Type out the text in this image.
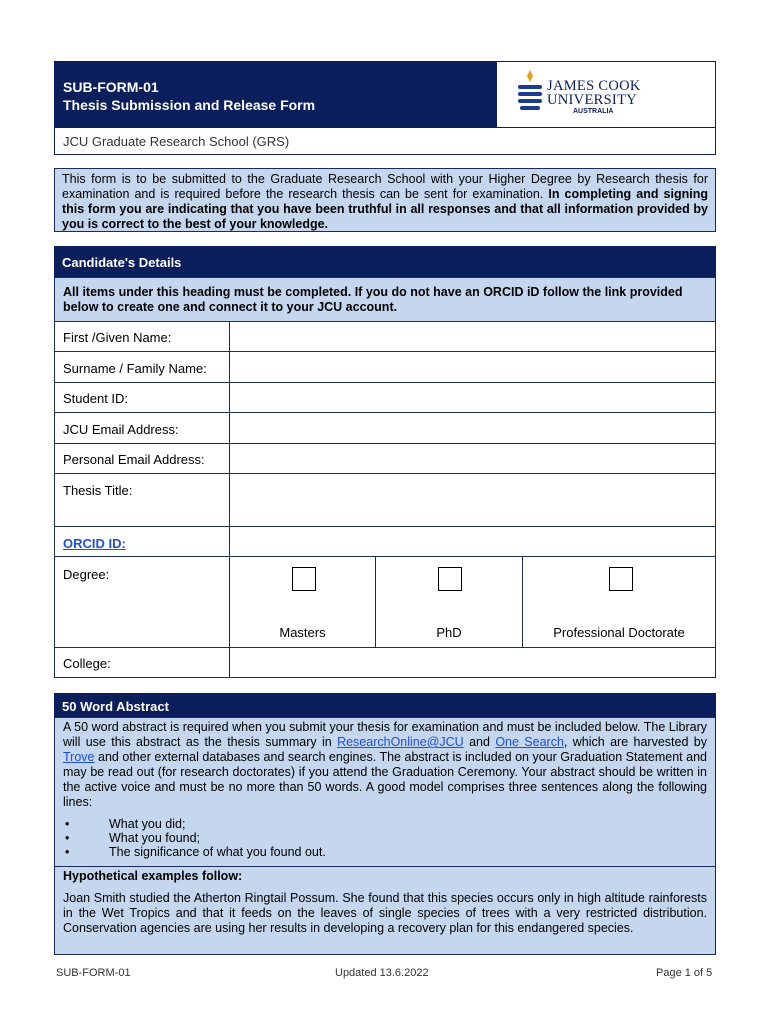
SUB-FORM-01
Thesis Submission and Release Form
JAMES COOK
UNIVERSITY
AUSTRALIA
JCU Graduate Research School (GRS)
This form is to be submitted to the Graduate Research School with your Higher Degree by Research thesis for examination and is required before the research thesis can be sent for examination. In completing and signing this form you are indicating that you have been truthful in all responses and that all information provided by you is correct to the best of your knowledge.
Candidate's Details
All items under this heading must be completed. If you do not have an ORCID iD follow the link provided below to create one and connect it to your JCU account.
First /Given Name:
Surname / Family Name:
Student ID:
JCU Email Address:
Personal Email Address:
Thesis Title:
ORCID ID:
Degree:
Masters	PhD	Professional Doctorate
College:
50 Word Abstract
A 50 word abstract is required when you submit your thesis for examination and must be included below. The Library will use this abstract as the thesis summary in ResearchOnline@JCU and One Search, which are harvested by Trove and other external databases and search engines. The abstract is included on your Graduation Statement and may be read out (for research doctorates) if you attend the Graduation Ceremony. Your abstract should be written in the active voice and must be no more than 50 words. A good model comprises three sentences along the following lines:
•	What you did;
•	What you found;
•	The significance of what you found out.
Hypothetical examples follow:
Joan Smith studied the Atherton Ringtail Possum. She found that this species occurs only in high altitude rainforests in the Wet Tropics and that it feeds on the leaves of single species of trees with a very restricted distribution. Conservation agencies are using her results in developing a recovery plan for this endangered species.
SUB-FORM-01	Updated 13.6.2022	Page 1 of 5
